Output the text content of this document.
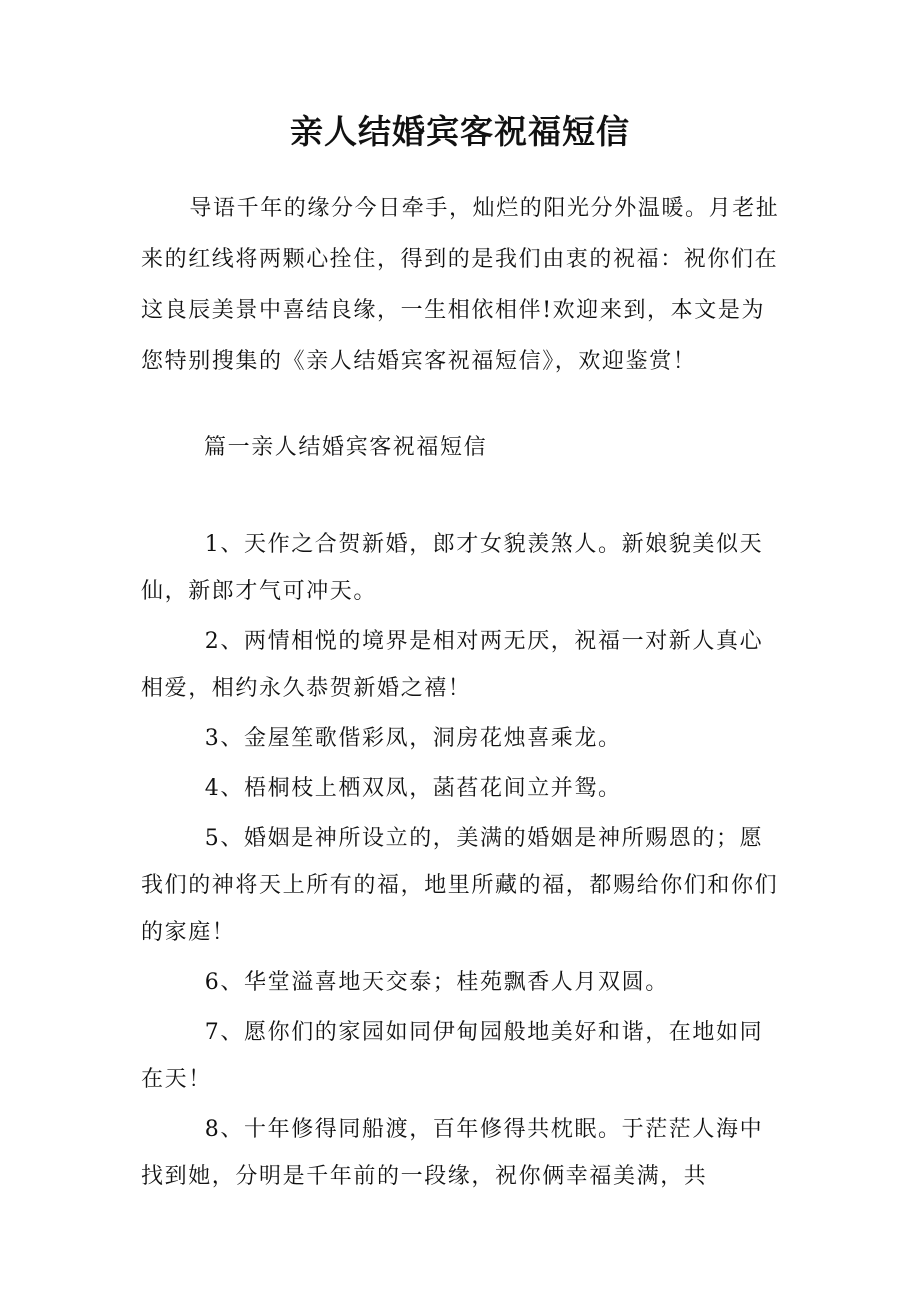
亲人结婚宾客祝福短信

导语千年的缘分今日牵手，灿烂的阳光分外温暖。月老扯来的红线将两颗心拴住，得到的是我们由衷的祝福：祝你们在这良辰美景中喜结良缘，一生相依相伴!欢迎来到，本文是为您特别搜集的《亲人结婚宾客祝福短信》，欢迎鉴赏！

篇一亲人结婚宾客祝福短信

1、天作之合贺新婚，郎才女貌羡煞人。新娘貌美似天仙，新郎才气可冲天。

2、两情相悦的境界是相对两无厌，祝福一对新人真心相爱，相约永久恭贺新婚之禧！

3、金屋笙歌偕彩凤，洞房花烛喜乘龙。

4、梧桐枝上栖双凤，菡萏花间立并鸳。

5、婚姻是神所设立的，美满的婚姻是神所赐恩的；愿我们的神将天上所有的福，地里所藏的福，都赐给你们和你们的家庭！

6、华堂溢喜地天交泰；桂苑飘香人月双圆。

7、愿你们的家园如同伊甸园般地美好和谐，在地如同在天！

8、十年修得同船渡，百年修得共枕眠。于茫茫人海中找到她，分明是千年前的一段缘，祝你俩幸福美满，共
